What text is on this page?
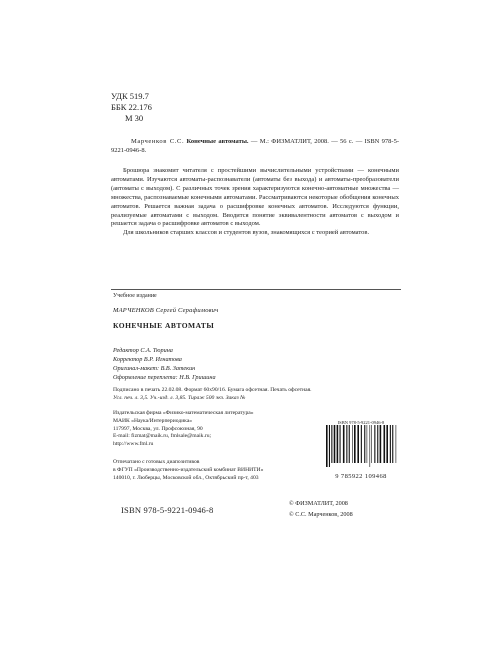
УДК 519.7
ББК 22.176
М 30
Марченков С.С. Конечные автоматы. — М.: ФИЗМАТЛИТ, 2008. — 56 с. — ISBN 978-5-9221-0946-8.

Брошюра знакомит читателя с простейшими вычислительными устройствами — конечными автоматами. Изучаются автоматы-распознаватели (автоматы без выхода) и автоматы-преобразователи (автоматы с выходом). С различных точек зрения характеризуются конечно-автоматные множества — множества, распознаваемые конечными автоматами. Рассматриваются некоторые обобщения конечных автоматов. Решается важная задача о расшифровке конечных автоматов. Исследуются функции, реализуемые автоматами с выходом. Вводится понятие эквивалентности автоматов с выходом и решается задача о расшифровке автоматов с выходом.

Для школьников старших классов и студентов вузов, знакомящихся с теорией автоматов.

Учебное издание
МАРЧЕНКОВ Сергей Серафимович
КОНЕЧНЫЕ АВТОМАТЫ
Редактор С.А. Тюрина
Корректор В.Р. Игнатова
Оригинал-макет: В.В. Затекин
Оформление переплета: Н.В. Гришина
Подписано в печать 22.02.08. Формат 60х90/16. Бумага офсетная. Печать офсетная.
Усл. печ. л. 3,5. Уч.-изд. л. 3,85. Тираж 500 экз. Заказ №
Издательская фирма «Физико-математическая литература»
МАИК «Наука/Интерпериодика»
117997, Москва, ул. Профсоюзная, 90
E-mail: fizmat@maik.ru, fmlsale@maik.ru;
http://www.fml.ru
Отпечатано с готовых диапозитивов
в ФГУП «Производственно-издательский комбинат ВИНИТИ»
140010, г. Люберцы, Московской обл., Октябрьский пр-т, 403
ISBN 978-5-9221-0946-8
9 785922 109468
ISBN 978-5-9221-0946-8
© ФИЗМАТЛИТ, 2008
© С.С. Марченков, 2008
